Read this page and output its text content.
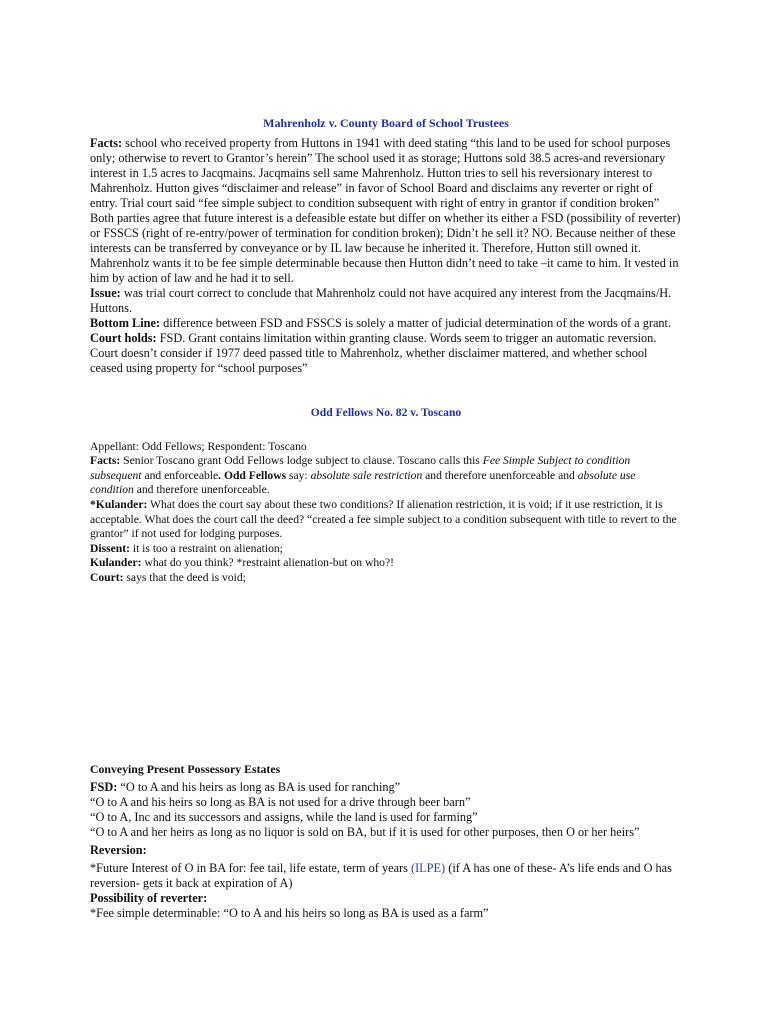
Mahrenholz v. County Board of School Trustees

Facts: school who received property from Huttons in 1941 with deed stating “this land to be used for school purposes only; otherwise to revert to Grantor’s herein” The school used it as storage; Huttons sold 38.5 acres-and reversionary interest in 1.5 acres to Jacqmains. Jacqmains sell same Mahrenholz. Hutton tries to sell his reversionary interest to Mahrenholz. Hutton gives “disclaimer and release” in favor of School Board and disclaims any reverter or right of entry. Trial court said “fee simple subject to condition subsequent with right of entry in grantor if condition broken” Both parties agree that future interest is a defeasible estate but differ on whether its either a FSD (possibility of reverter) or FSSCS (right of re-entry/power of termination for condition broken); Didn’t he sell it? NO. Because neither of these interests can be transferred by conveyance or by IL law because he inherited it. Therefore, Hutton still owned it. Mahrenholz wants it to be fee simple determinable because then Hutton didn’t need to take –it came to him. It vested in him by action of law and he had it to sell.

Issue: was trial court correct to conclude that Mahrenholz could not have acquired any interest from the Jacqmains/H. Huttons.

Bottom Line: difference between FSD and FSSCS is solely a matter of judicial determination of the words of a grant.

Court holds: FSD. Grant contains limitation within granting clause. Words seem to trigger an automatic reversion. Court doesn’t consider if 1977 deed passed title to Mahrenholz, whether disclaimer mattered, and whether school ceased using property for “school purposes”

Odd Fellows No. 82 v. Toscano

Appellant: Odd Fellows; Respondent: Toscano

Facts: Senior Toscano grant Odd Fellows lodge subject to clause. Toscano calls this Fee Simple Subject to condition subsequent and enforceable. Odd Fellows say: absolute sale restriction and therefore unenforceable and absolute use condition and therefore unenforceable.

*Kulander: What does the court say about these two conditions? If alienation restriction, it is void; if it use restriction, it is acceptable. What does the court call the deed? “created a fee simple subject to a condition subsequent with title to revert to the grantor” if not used for lodging purposes.

Dissent: it is too a restraint on alienation;

Kulander: what do you think? *restraint alienation-but on who?!

Court: says that the deed is void;

Conveying Present Possessory Estates

FSD: “O to A and his heirs as long as BA is used for ranching”

“O to A and his heirs so long as BA is not used for a drive through beer barn”

“O to A, Inc and its successors and assigns, while the land is used for farming”

“O to A and her heirs as long as no liquor is sold on BA, but if it is used for other purposes, then O or her heirs”

Reversion:

*Future Interest of O in BA for: fee tail, life estate, term of years (ILPE) (if A has one of these- A’s life ends and O has reversion- gets it back at expiration of A)

Possibility of reverter:

*Fee simple determinable: “O to A and his heirs so long as BA is used as a farm”
